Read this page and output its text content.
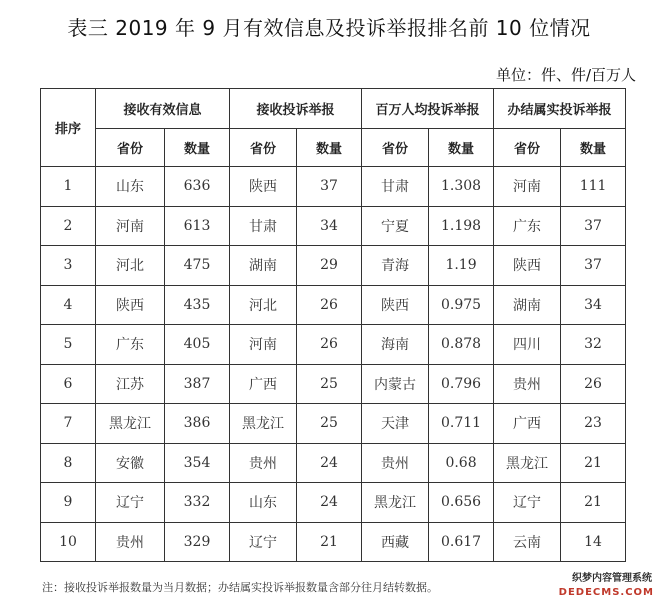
表三 2019 年 9 月有效信息及投诉举报排名前 10 位情况
单位：件、件/百万人
排序	接收有效信息		接收投诉举报		百万人均投诉举报		办结属实投诉举报	
	省份	数量	省份	数量	省份	数量	省份	数量
1	山东	636	陕西	37	甘肃	1.308	河南	111
2	河南	613	甘肃	34	宁夏	1.198	广东	37
3	河北	475	湖南	29	青海	1.19	陕西	37
4	陕西	435	河北	26	陕西	0.975	湖南	34
5	广东	405	河南	26	海南	0.878	四川	32
6	江苏	387	广西	25	内蒙古	0.796	贵州	26
7	黑龙江	386	黑龙江	25	天津	0.711	广西	23
8	安徽	354	贵州	24	贵州	0.68	黑龙江	21
9	辽宁	332	山东	24	黑龙江	0.656	辽宁	21
10	贵州	329	辽宁	21	西藏	0.617	云南	14
注：接收投诉举报数量为当月数据；办结属实投诉举报数量含部分往月结转数据。
织梦内容管理系统
DEDECMS.COM
